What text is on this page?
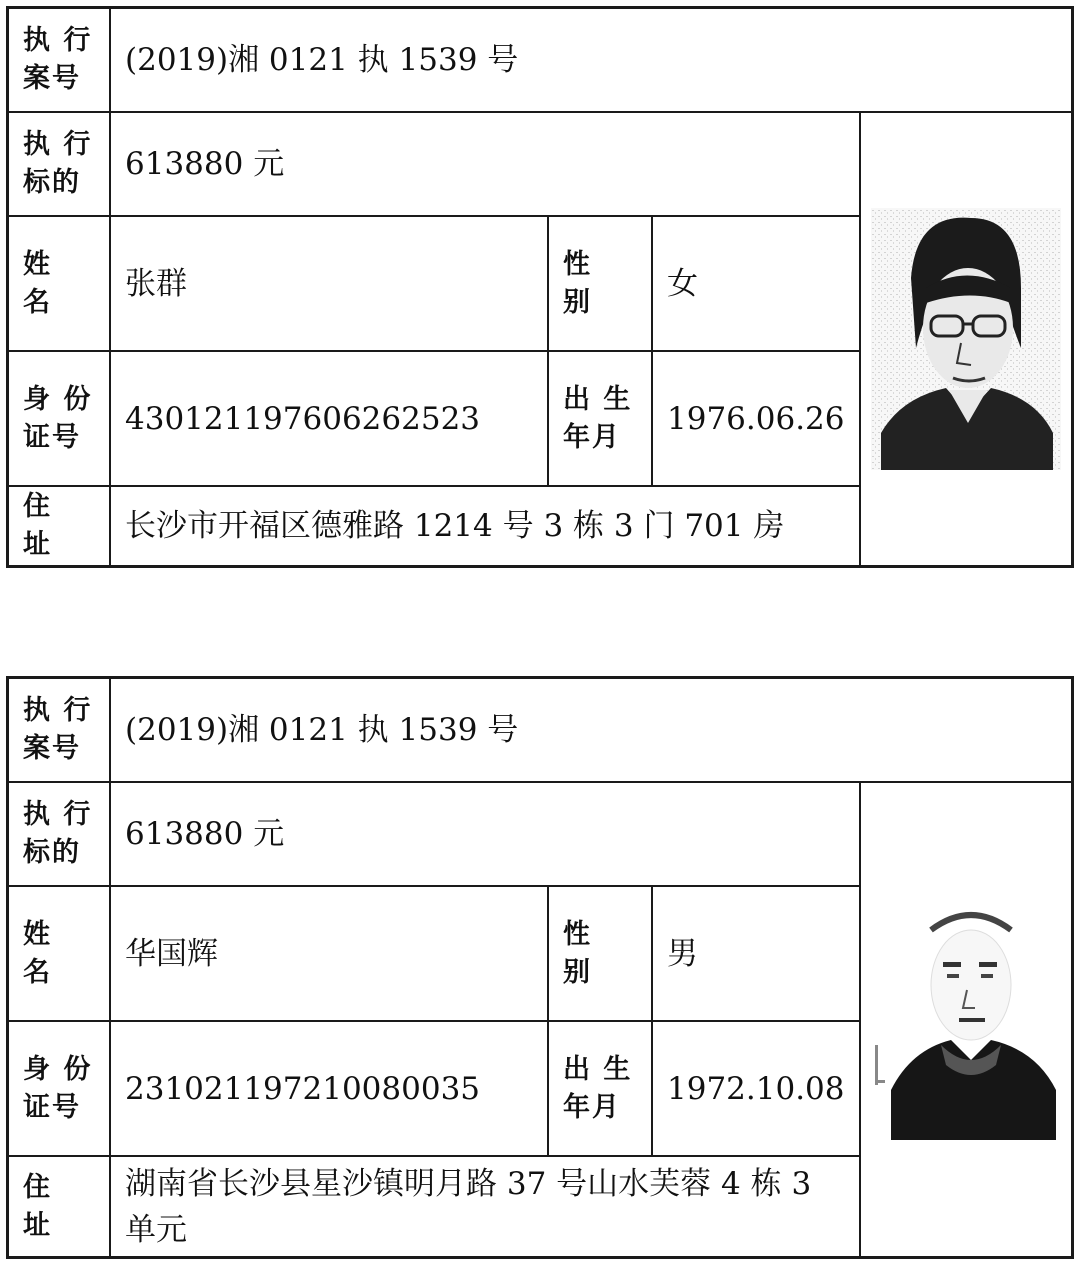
执 行
案号
(2019)湘 0121 执 1539 号
执 行
标的
613880 元
姓
名
张群
性
别
女
身 份
证号
430121197606262523
出 生
年月
1976.06.26
住
址
长沙市开福区德雅路 1214 号 3 栋 3 门 701 房
执 行
案号
(2019)湘 0121 执 1539 号
执 行
标的
613880 元
姓
名
华国辉
性
别
男
身 份
证号
231021197210080035
出 生
年月
1972.10.08
住
址
湖南省长沙县星沙镇明月路 37 号山水芙蓉 4 栋 3 单元
